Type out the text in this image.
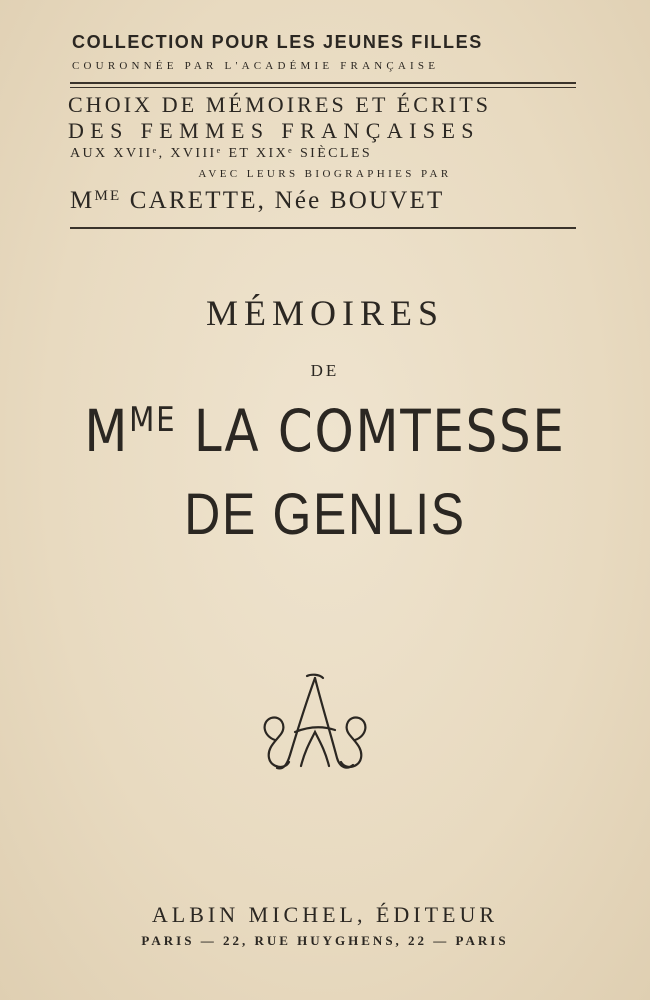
COLLECTION POUR LES JEUNES FILLES
COURONNÉE PAR L'ACADÉMIE FRANÇAISE
CHOIX DE MÉMOIRES ET ÉCRITS
DES FEMMES FRANÇAISES
AUX XVIIᵉ, XVIIIᵉ ET XIXᵉ SIÈCLES
AVEC LEURS BIOGRAPHIES PAR
$M^{ME}$ CARETTE, Née BOUVET
MÉMOIRES
DE
$M^{ME}$ LA COMTESSE
DE GENLIS
ALBIN MICHEL, ÉDITEUR
PARIS — 22, RUE HUYGHENS, 22 — PARIS
